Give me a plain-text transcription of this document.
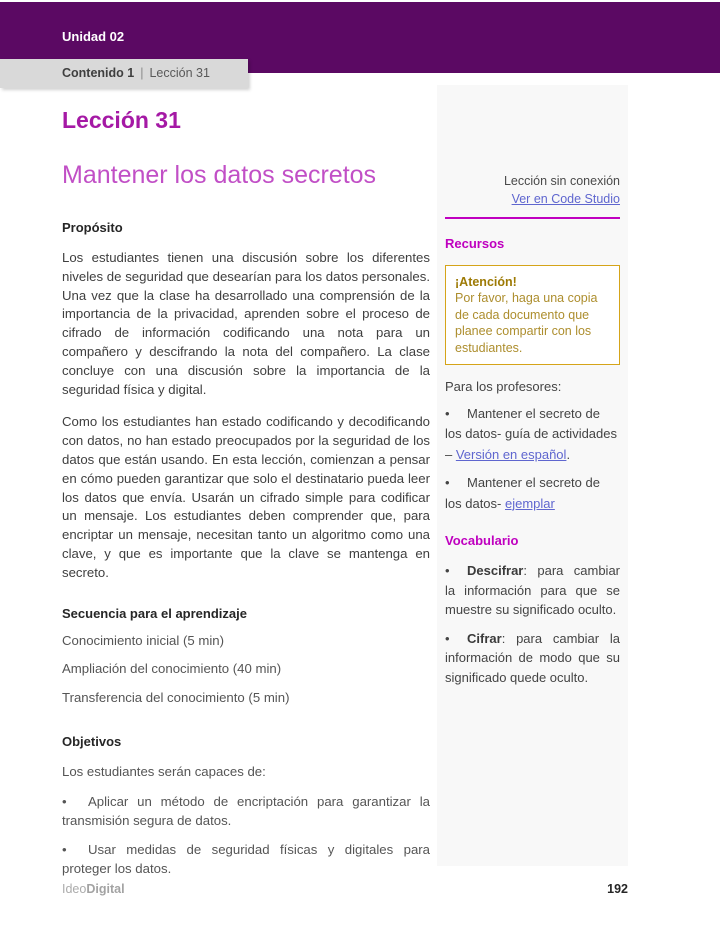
Unidad 02
Contenido 1 | Lección 31
Lección 31
Mantener los datos secretos
Propósito

Los estudiantes tienen una discusión sobre los diferentes niveles de seguridad que desearían para los datos personales. Una vez que la clase ha desarrollado una comprensión de la importancia de la privacidad, aprenden sobre el proceso de cifrado de información codificando una nota para un compañero y descifrando la nota del compañero. La clase concluye con una discusión sobre la importancia de la seguridad física y digital.

Como los estudiantes han estado codificando y decodificando con datos, no han estado preocupados por la seguridad de los datos que están usando. En esta lección, comienzan a pensar en cómo pueden garantizar que solo el destinatario pueda leer los datos que envía. Usarán un cifrado simple para codificar un mensaje. Los estudiantes deben comprender que, para encriptar un mensaje, necesitan tanto un algoritmo como una clave, y que es importante que la clave se mantenga en secreto.

Secuencia para el aprendizaje

Conocimiento inicial (5 min)

Ampliación del conocimiento (40 min)

Transferencia del conocimiento (5 min)

Objetivos

Los estudiantes serán capaces de:

• Aplicar un método de encriptación para garantizar la transmisión segura de datos.

• Usar medidas de seguridad físicas y digitales para proteger los datos.

Lección sin conexión
Ver en Code Studio
Recursos
¡Atención!
Por favor, haga una copia de cada documento que planee compartir con los estudiantes.

Para los profesores:

• Mantener el secreto de los datos- guía de actividades – Versión en español.

• Mantener el secreto de los datos- ejemplar

Vocabulario

• Descifrar: para cambiar la información para que se muestre su significado oculto.

• Cifrar: para cambiar la información de modo que su significado quede oculto.

IdeoDigital	192
